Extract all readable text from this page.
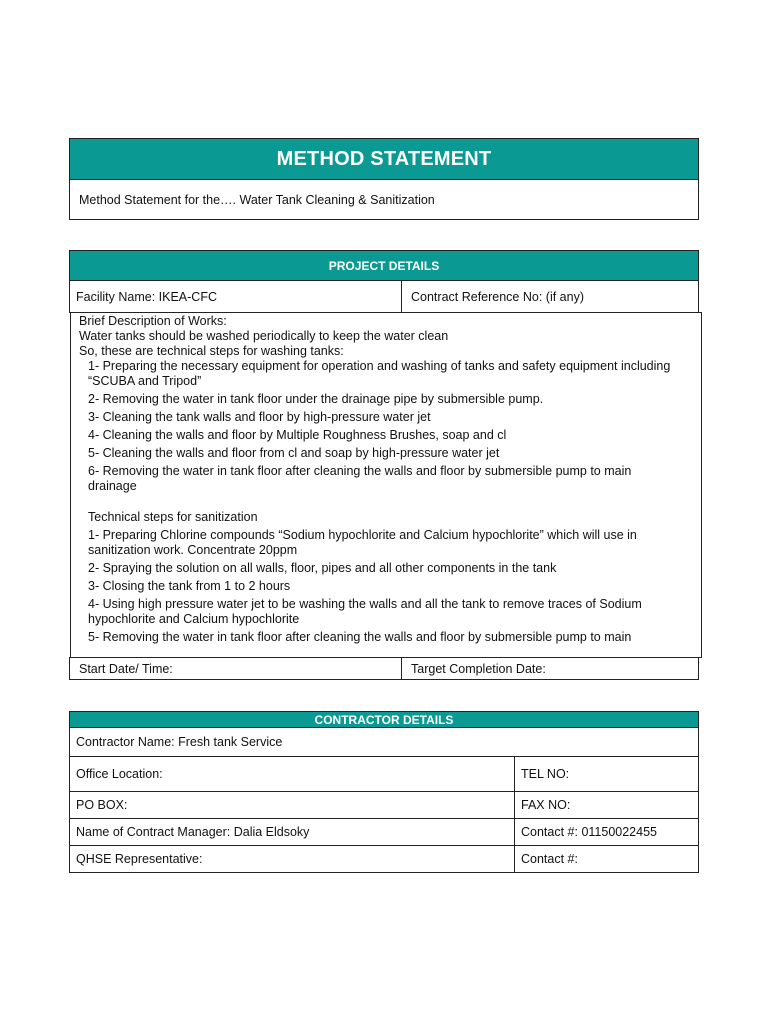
METHOD STATEMENT
Method Statement for the…. Water Tank Cleaning & Sanitization
PROJECT DETAILS
Facility Name: IKEA-CFC	Contract Reference No: (if any)
Brief Description of Works:
Water tanks should be washed periodically to keep the water clean
So, these are technical steps for washing tanks:
1- Preparing the necessary equipment for operation and washing of tanks and safety equipment including
“SCUBA and Tripod”
2- Removing the water in tank floor under the drainage pipe by submersible pump.
3- Cleaning the tank walls and floor by high-pressure water jet
4- Cleaning the walls and floor by Multiple Roughness Brushes, soap and cl
5- Cleaning the walls and floor from cl and soap by high-pressure water jet
6- Removing the water in tank floor after cleaning the walls and floor by submersible pump to main
drainage
Technical steps for sanitization
1- Preparing Chlorine compounds “Sodium hypochlorite and Calcium hypochlorite” which will use in
sanitization work. Concentrate 20ppm
2- Spraying the solution on all walls, floor, pipes and all other components in the tank
3- Closing the tank from 1 to 2 hours
4- Using high pressure water jet to be washing the walls and all the tank to remove traces of Sodium
hypochlorite and Calcium hypochlorite
5- Removing the water in tank floor after cleaning the walls and floor by submersible pump to main
Start Date/ Time:	Target Completion Date:
CONTRACTOR DETAILS
Contractor Name: Fresh tank Service
Office Location:	TEL NO:
PO BOX:	FAX NO:
Name of Contract Manager: Dalia Eldsoky	Contact #: 01150022455
QHSE Representative:	Contact #:
